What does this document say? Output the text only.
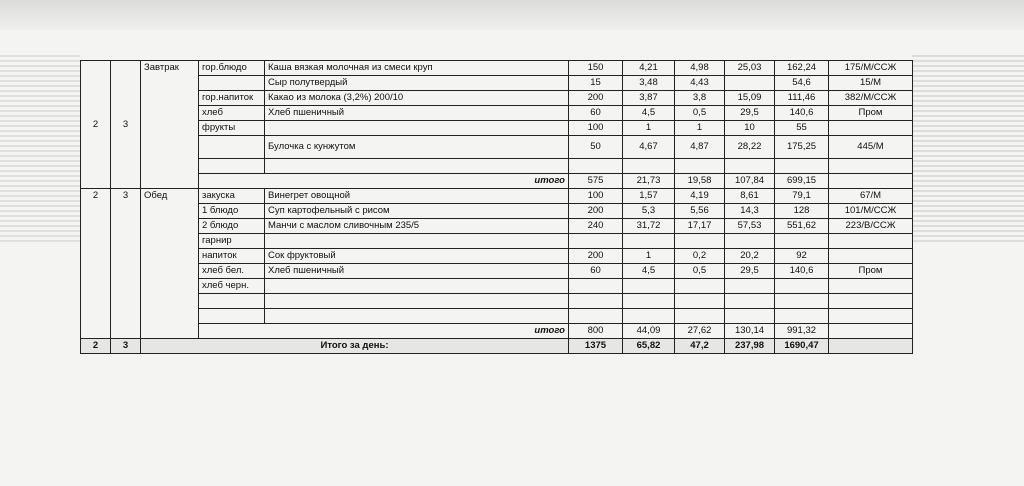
2	3	Завтрак	гор.блюдо	Каша вязкая молочная из смеси круп	150	4,21	4,98	25,03	162,24	175/М/ССЖ
				Сыр полутвердый	15	3,48	4,43		54,6	15/М
			гор.напиток	Какао из молока (3,2%) 200/10	200	3,87	3,8	15,09	111,46	382/М/ССЖ
			хлеб	Хлеб пшеничный	60	4,5	0,5	29,5	140,6	Пром
			фрукты		100	1	1	10	55	
				Булочка с кунжутом	50	4,67	4,87	28,22	175,25	445/М

			итого		575	21,73	19,58	107,84	699,15	
2	3	Обед	закуска	Винегрет овощной	100	1,57	4,19	8,61	79,1	67/М
			1 блюдо	Суп картофельный с рисом	200	5,3	5,56	14,3	128	101/М/ССЖ
			2 блюдо	Манчи с маслом сливочным 235/5	240	31,72	17,17	57,53	551,62	223/В/ССЖ
			гарнир							
			напиток	Сок фруктовый	200	1	0,2	20,2	92	
			хлеб бел.	Хлеб пшеничный	60	4,5	0,5	29,5	140,6	Пром
			хлеб черн.							

			итого		800	44,09	27,62	130,14	991,32	
2	3	Итого за день:			1375	65,82	47,2	237,98	1690,47	
